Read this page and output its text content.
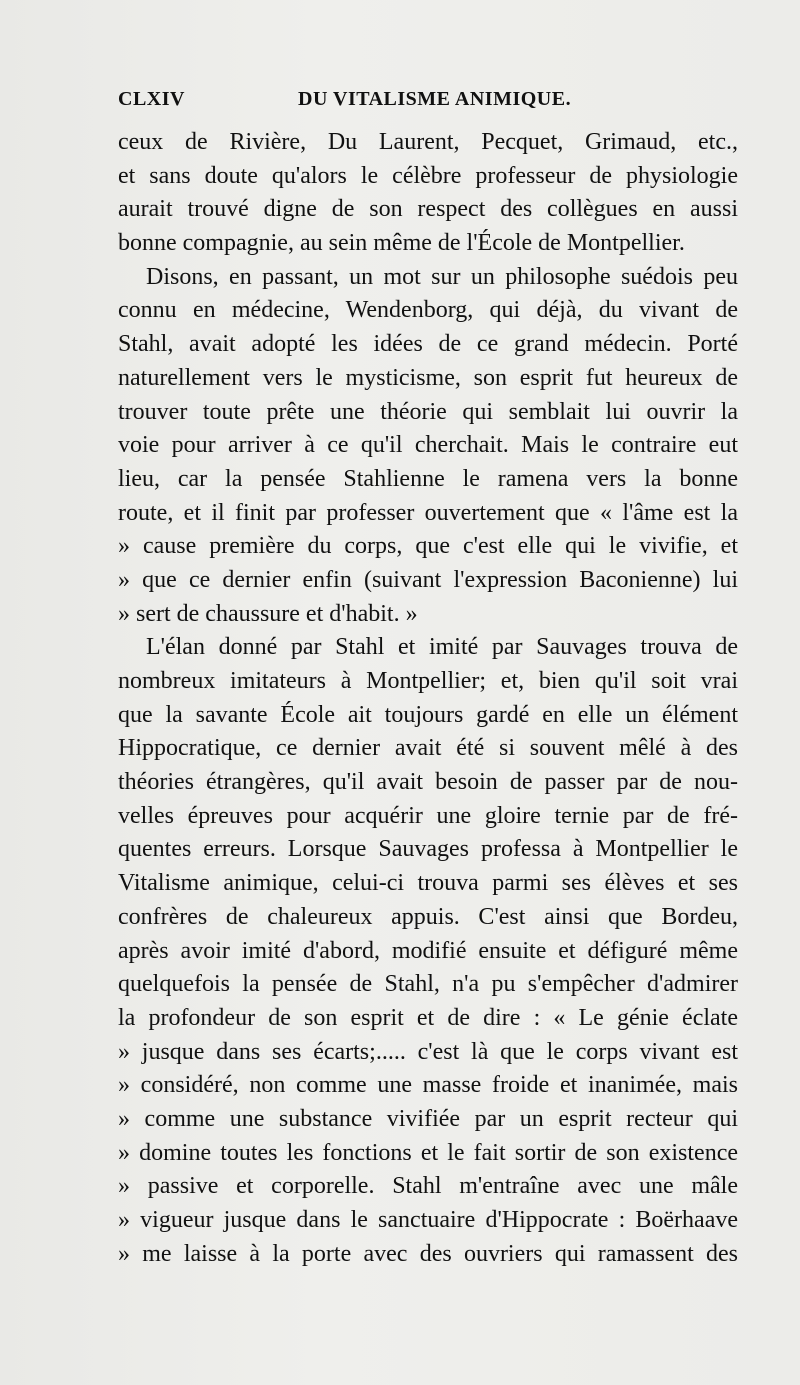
CLXIV	DU VITALISME ANIMIQUE.
ceux de Rivière, Du Laurent, Pecquet, Grimaud, etc.,
et sans doute qu'alors le célèbre professeur de physiologie
aurait trouvé digne de son respect des collègues en aussi
bonne compagnie, au sein même de l'École de Montpellier.
Disons, en passant, un mot sur un philosophe suédois peu
connu en médecine, Wendenborg, qui déjà, du vivant de
Stahl, avait adopté les idées de ce grand médecin. Porté
naturellement vers le mysticisme, son esprit fut heureux de
trouver toute prête une théorie qui semblait lui ouvrir la
voie pour arriver à ce qu'il cherchait. Mais le contraire eut
lieu, car la pensée Stahlienne le ramena vers la bonne
route, et il finit par professer ouvertement que « l'âme est la
» cause première du corps, que c'est elle qui le vivifie, et
» que ce dernier enfin (suivant l'expression Baconienne) lui
» sert de chaussure et d'habit. »
L'élan donné par Stahl et imité par Sauvages trouva de
nombreux imitateurs à Montpellier; et, bien qu'il soit vrai
que la savante École ait toujours gardé en elle un élément
Hippocratique, ce dernier avait été si souvent mêlé à des
théories étrangères, qu'il avait besoin de passer par de nou-
velles épreuves pour acquérir une gloire ternie par de fré-
quentes erreurs. Lorsque Sauvages professa à Montpellier le
Vitalisme animique, celui-ci trouva parmi ses élèves et ses
confrères de chaleureux appuis. C'est ainsi que Bordeu,
après avoir imité d'abord, modifié ensuite et défiguré même
quelquefois la pensée de Stahl, n'a pu s'empêcher d'admirer
la profondeur de son esprit et de dire : « Le génie éclate
» jusque dans ses écarts;..... c'est là que le corps vivant est
» considéré, non comme une masse froide et inanimée, mais
» comme une substance vivifiée par un esprit recteur qui
» domine toutes les fonctions et le fait sortir de son existence
» passive et corporelle. Stahl m'entraîne avec une mâle
» vigueur jusque dans le sanctuaire d'Hippocrate : Boërhaave
» me laisse à la porte avec des ouvriers qui ramassent des
